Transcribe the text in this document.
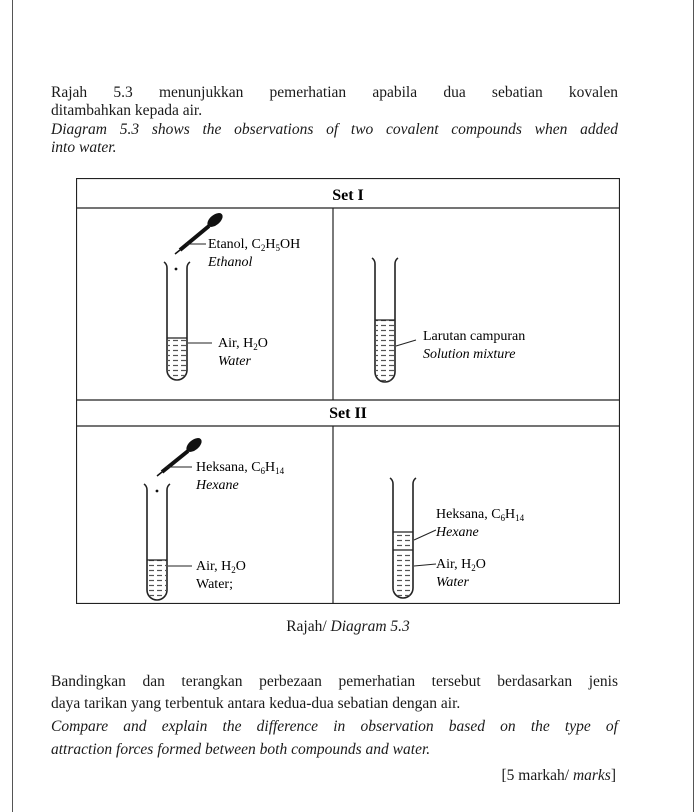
Rajah 5.3 menunjukkan pemerhatian apabila dua sebatian kovalen
ditambahkan kepada air.
Diagram 5.3 shows the observations of two covalent compounds when added
into water.
Set I
Set II
Etanol, $C_2H_5OH$
Ethanol
Air, $H_2O$
Water
Larutan campuran
Solution mixture
Heksana, $C_6H_{14}$
Hexane
Air, $H_2O$
Water;
Heksana, $C_6H_{14}$
Hexane
Air, $H_2O$
Water
Rajah/ Diagram 5.3
Bandingkan dan terangkan perbezaan pemerhatian tersebut berdasarkan jenis
daya tarikan yang terbentuk antara kedua-dua sebatian dengan air.
Compare and explain the difference in observation based on the type of
attraction forces formed between both compounds and water.
[5 markah/ marks]
